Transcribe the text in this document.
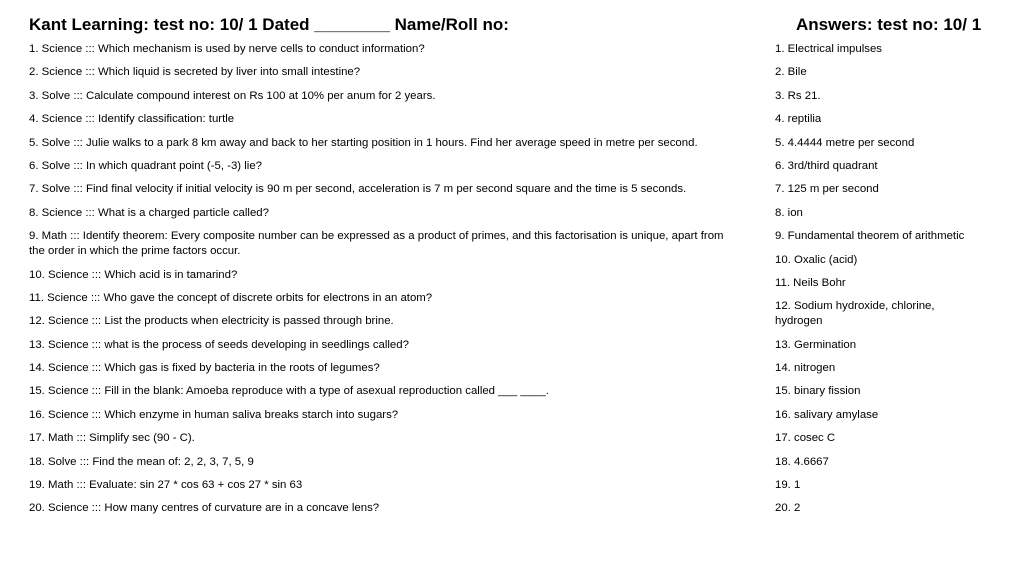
Kant Learning: test no: 10/ 1 Dated ________ Name/Roll no:	Answers: test no: 10/ 1
1. Science ::: Which mechanism is used by nerve cells to conduct information?
2. Science ::: Which liquid is secreted by liver into small intestine?
3. Solve ::: Calculate compound interest on Rs 100 at 10% per anum for 2 years.
4. Science ::: Identify classification: turtle
5. Solve ::: Julie walks to a park 8 km away and back to her starting position in 1 hours. Find her average speed in metre per second.
6. Solve ::: In which quadrant point (-5, -3) lie?
7. Solve ::: Find final velocity if initial velocity is 90 m per second, acceleration is 7 m per second square and the time is 5 seconds.
8. Science ::: What is a charged particle called?
9. Math ::: Identify theorem: Every composite number can be expressed as a product of primes, and this factorisation is unique, apart from the order in which the prime factors occur.
10. Science ::: Which acid is in tamarind?
11. Science ::: Who gave the concept of discrete orbits for electrons in an atom?
12. Science ::: List the products when electricity is passed through brine.
13. Science ::: what is the process of seeds developing in seedlings called?
14. Science ::: Which gas is fixed by bacteria in the roots of legumes?
15. Science ::: Fill in the blank: Amoeba reproduce with a type of asexual reproduction called ___ ____.
16. Science ::: Which enzyme in human saliva breaks starch into sugars?
17. Math ::: Simplify sec (90 - C).
18. Solve ::: Find the mean of: 2, 2, 3, 7, 5, 9
19. Math ::: Evaluate: sin 27 * cos 63 + cos 27 * sin 63
20. Science ::: How many centres of curvature are in a concave lens?
1. Electrical impulses
2. Bile
3. Rs 21.
4. reptilia
5. 4.4444 metre per second
6. 3rd/third quadrant
7. 125 m per second
8. ion
9. Fundamental theorem of arithmetic
10. Oxalic (acid)
11. Neils Bohr
12. Sodium hydroxide, chlorine, hydrogen
13. Germination
14. nitrogen
15. binary fission
16. salivary amylase
17. cosec C
18. 4.6667
19. 1
20. 2
